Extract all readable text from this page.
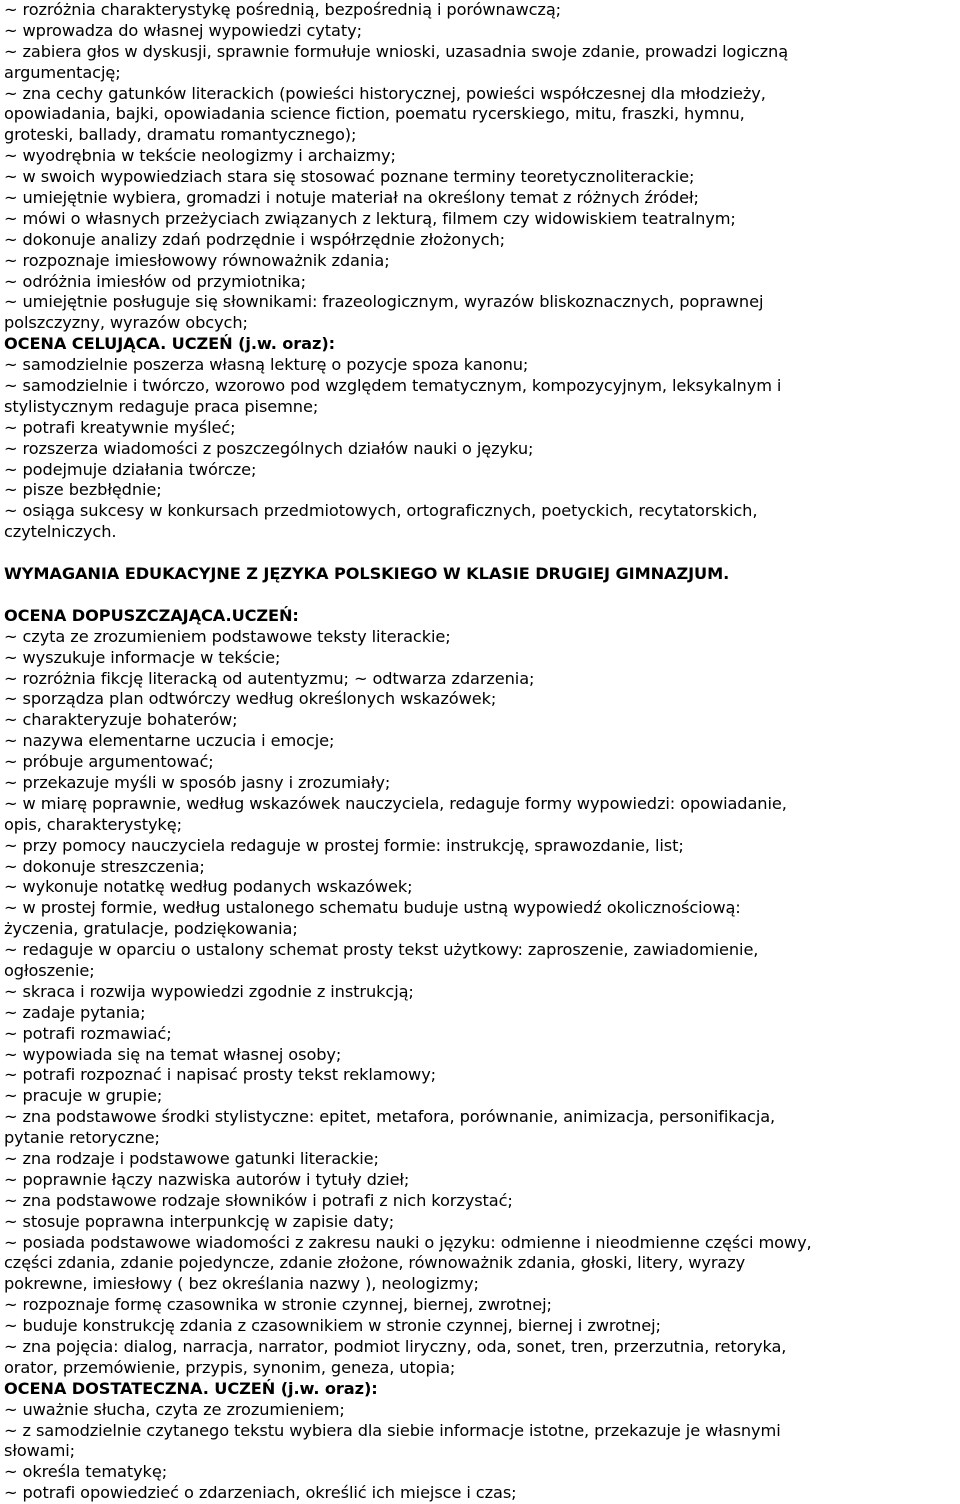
~ rozróżnia charakterystykę pośrednią, bezpośrednią i porównawczą;
~ wprowadza do własnej wypowiedzi cytaty;
~ zabiera głos w dyskusji, sprawnie formułuje wnioski, uzasadnia swoje zdanie, prowadzi logiczną
argumentację;
~ zna cechy gatunków literackich (powieści historycznej, powieści współczesnej dla młodzieży,
opowiadania, bajki, opowiadania science fiction, poematu rycerskiego, mitu, fraszki, hymnu,
groteski, ballady, dramatu romantycznego);
~ wyodrębnia w tekście neologizmy i archaizmy;
~ w swoich wypowiedziach stara się stosować poznane terminy teoretycznoliterackie;
~ umiejętnie wybiera, gromadzi i notuje materiał na określony temat z różnych źródeł;
~ mówi o własnych przeżyciach związanych z lekturą, filmem czy widowiskiem teatralnym;
~ dokonuje analizy zdań podrzędnie i współrzędnie złożonych;
~ rozpoznaje imiesłowowy równoważnik zdania;
~ odróżnia imiesłów od przymiotnika;
~ umiejętnie posługuje się słownikami: frazeologicznym, wyrazów bliskoznacznych, poprawnej
polszczyzny, wyrazów obcych;
OCENA CELUJĄCA. UCZEŃ (j.w. oraz):
~ samodzielnie poszerza własną lekturę o pozycje spoza kanonu;
~ samodzielnie i twórczo, wzorowo pod względem tematycznym, kompozycyjnym, leksykalnym i
stylistycznym redaguje praca pisemne;
~ potrafi kreatywnie myśleć;
~ rozszerza wiadomości z poszczególnych działów nauki o języku;
~ podejmuje działania twórcze;
~ pisze bezbłędnie;
~ osiąga sukcesy w konkursach przedmiotowych, ortograficznych, poetyckich, recytatorskich,
czytelniczych.
WYMAGANIA EDUKACYJNE Z JĘZYKA POLSKIEGO W KLASIE DRUGIEJ GIMNAZJUM.
OCENA DOPUSZCZAJĄCA.UCZEŃ:
~ czyta ze zrozumieniem podstawowe teksty literackie;
~ wyszukuje informacje w tekście;
~ rozróżnia fikcję literacką od autentyzmu; ~ odtwarza zdarzenia;
~ sporządza plan odtwórczy według określonych wskazówek;
~ charakteryzuje bohaterów;
~ nazywa elementarne uczucia i emocje;
~ próbuje argumentować;
~ przekazuje myśli w sposób jasny i zrozumiały;
~ w miarę poprawnie, według wskazówek nauczyciela, redaguje formy wypowiedzi: opowiadanie,
opis, charakterystykę;
~ przy pomocy nauczyciela redaguje w prostej formie: instrukcję, sprawozdanie, list;
~ dokonuje streszczenia;
~ wykonuje notatkę według podanych wskazówek;
~ w prostej formie, według ustalonego schematu buduje ustną wypowiedź okolicznościową:
życzenia, gratulacje, podziękowania;
~ redaguje w oparciu o ustalony schemat prosty tekst użytkowy: zaproszenie, zawiadomienie,
ogłoszenie;
~ skraca i rozwija wypowiedzi zgodnie z instrukcją;
~ zadaje pytania;
~ potrafi rozmawiać;
~ wypowiada się na temat własnej osoby;
~ potrafi rozpoznać i napisać prosty tekst reklamowy;
~ pracuje w grupie;
~ zna podstawowe środki stylistyczne: epitet, metafora, porównanie, animizacja, personifikacja,
pytanie retoryczne;
~ zna rodzaje i podstawowe gatunki literackie;
~ poprawnie łączy nazwiska autorów i tytuły dzieł;
~ zna podstawowe rodzaje słowników i potrafi z nich korzystać;
~ stosuje poprawna interpunkcję w zapisie daty;
~ posiada podstawowe wiadomości z zakresu nauki o języku: odmienne i nieodmienne części mowy,
części zdania, zdanie pojedyncze, zdanie złożone, równoważnik zdania, głoski, litery, wyrazy
pokrewne, imiesłowy ( bez określania nazwy ), neologizmy;
~ rozpoznaje formę czasownika w stronie czynnej, biernej, zwrotnej;
~ buduje konstrukcję zdania z czasownikiem w stronie czynnej, biernej i zwrotnej;
~ zna pojęcia: dialog, narracja, narrator, podmiot liryczny, oda, sonet, tren, przerzutnia, retoryka,
orator, przemówienie, przypis, synonim, geneza, utopia;
OCENA DOSTATECZNA. UCZEŃ (j.w. oraz):
~ uważnie słucha, czyta ze zrozumieniem;
~ z samodzielnie czytanego tekstu wybiera dla siebie informacje istotne, przekazuje je własnymi
słowami;
~ określa tematykę;
~ potrafi opowiedzieć o zdarzeniach, określić ich miejsce i czas;
